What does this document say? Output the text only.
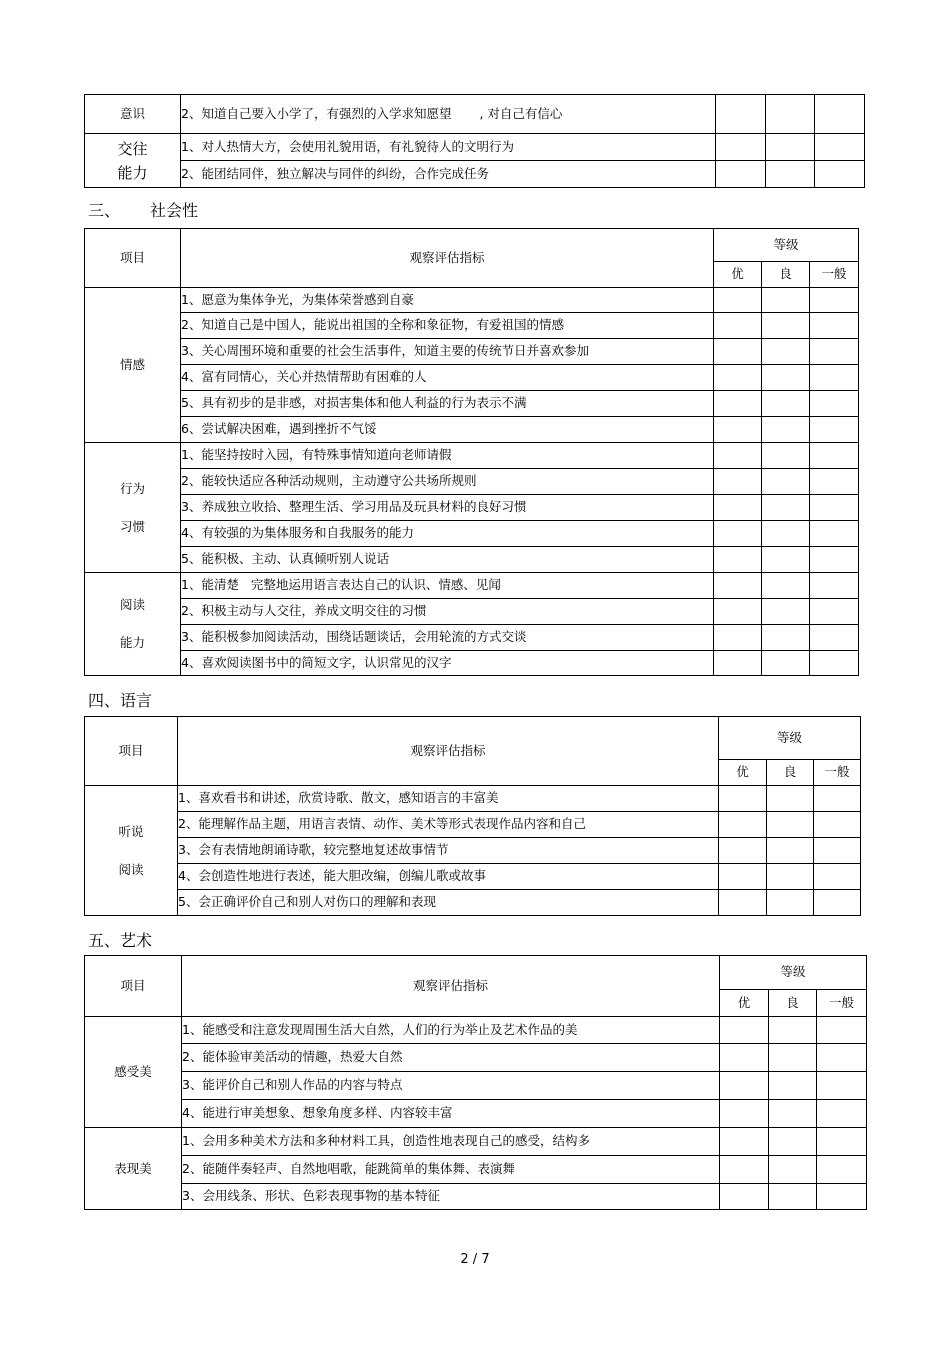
意识	2、知道自己要入小学了，有强烈的入学求知愿望 , 对自己有信心			

交往
能力	1、对人热情大方，会使用礼貌用语，有礼貌待人的文明行为			
	2、能团结同伴，独立解决与同伴的纠纷，合作完成任务			
三、 社会性
项目	观察评估指标	等级		
		优	良	一般

情感	1、愿意为集体争光，为集体荣誉感到自豪			
	2、知道自己是中国人，能说出祖国的全称和象征物，有爱祖国的情感			
	3、关心周围环境和重要的社会生活事件，知道主要的传统节日并喜欢参加			
	4、富有同情心，关心并热情帮助有困难的人			
	5、具有初步的是非感，对损害集体和他人利益的行为表示不满			
	6、尝试解决困难，遇到挫折不气馁			

行为
习惯	1、能坚持按时入园，有特殊事情知道向老师请假			
	2、能较快适应各种活动规则，主动遵守公共场所规则			
	3、养成独立收拾、整理生活、学习用品及玩具材料的良好习惯			
	4、有较强的为集体服务和自我服务的能力			
	5、能积极、主动、认真倾听别人说话			

阅读
能力	1、能清楚   完整地运用语言表达自己的认识、情感、见闻			
	2、积极主动与人交往，养成文明交往的习惯			
	3、能积极参加阅读活动，围绕话题谈话，会用轮流的方式交谈			
	4、喜欢阅读图书中的简短文字，认识常见的汉字			
四、语言
项目	观察评估指标	等级		
		优	良	一般

听说
阅读	1、喜欢看书和讲述，欣赏诗歌、散文，感知语言的丰富美			
	2、能理解作品主题，用语言表情、动作、美术等形式表现作品内容和自己			
	3、会有表情地朗诵诗歌，较完整地复述故事情节			
	4、会创造性地进行表述，能大胆改编，创编儿歌或故事			
	5、会正确评价自己和别人对伤口的理解和表现			
五、艺术
项目	观察评估指标	等级		
		优	良	一般

感受美	1、能感受和注意发现周围生活大自然，人们的行为举止及艺术作品的美			
	2、能体验审美活动的情趣，热爱大自然			
	3、能评价自己和别人作品的内容与特点			
	4、能进行审美想象、想象角度多样、内容较丰富			

表现美	1、会用多种美术方法和多种材料工具，创造性地表现自己的感受，结构多			
	2、能随伴奏轻声、自然地唱歌，能跳简单的集体舞、表演舞			
	3、会用线条、形状、色彩表现事物的基本特征			
2 / 7
